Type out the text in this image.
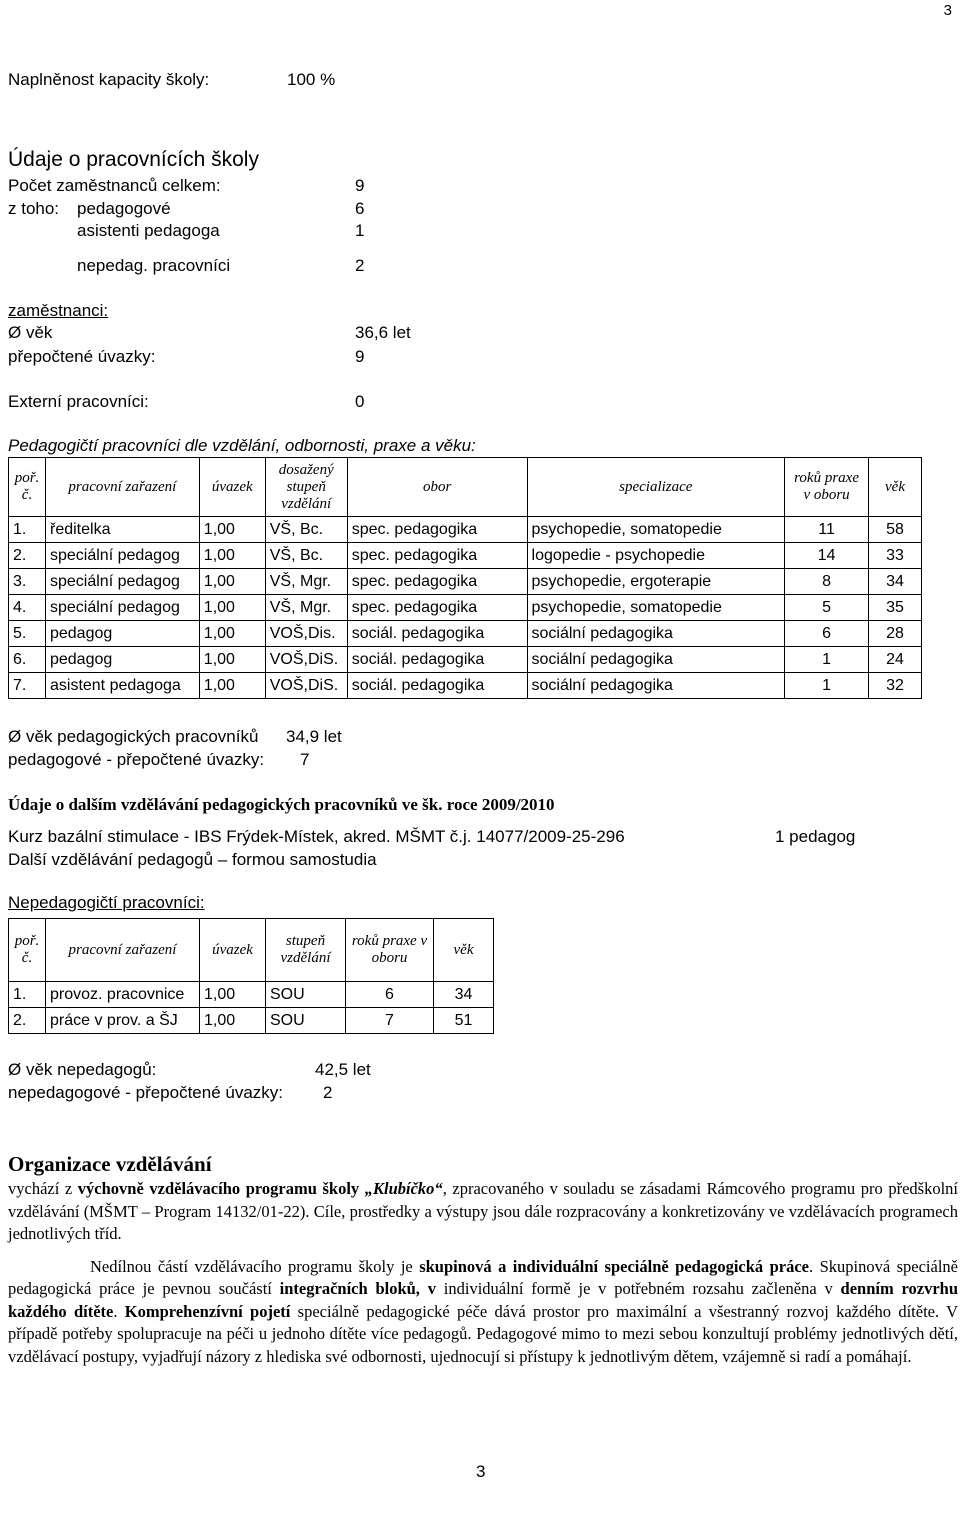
3
Naplněnost kapacity školy:	100 %
Údaje o pracovnících školy
Počet zaměstnanců celkem:	9
z toho: pedagogové	6
asistenti pedagoga	1
nepedag. pracovníci	2
zaměstnanci:
Ø věk	36,6 let
přepočtené úvazky:	9
Externí pracovníci:	0
Pedagogičtí pracovníci dle vzdělání, odbornosti, praxe a věku:
poř. č.	pracovní zařazení	úvazek	dosažený stupeň vzdělání	obor	specializace	roků praxe v oboru	věk
1.	ředitelka	1,00	VŠ, Bc.	spec. pedagogika	psychopedie, somatopedie	11	58
2.	speciální pedagog	1,00	VŠ, Bc.	spec. pedagogika	logopedie - psychopedie	14	33
3.	speciální pedagog	1,00	VŠ, Mgr.	spec. pedagogika	psychopedie, ergoterapie	8	34
4.	speciální pedagog	1,00	VŠ, Mgr.	spec. pedagogika	psychopedie, somatopedie	5	35
5.	pedagog	1,00	VOŠ,Dis.	sociál. pedagogika	sociální pedagogika	6	28
6.	pedagog	1,00	VOŠ,DiS.	sociál. pedagogika	sociální pedagogika	1	24
7.	asistent pedagoga	1,00	VOŠ,DiS.	sociál. pedagogika	sociální pedagogika	1	32
Ø věk pedagogických pracovníků 34,9 let
pedagogové - přepočtené úvazky: 7
Údaje o dalším vzdělávání pedagogických pracovníků ve šk. roce 2009/2010
Kurz bazální stimulace - IBS Frýdek-Místek, akred. MŠMT č.j. 14077/2009-25-296	1 pedagog
Další vzdělávání pedagogů – formou samostudia
Nepedagogičtí pracovníci:
poř. č.	pracovní zařazení	úvazek	stupeň vzdělání	roků praxe v oboru	věk
1.	provoz. pracovnice	1,00	SOU	6	34
2.	práce v prov. a ŠJ	1,00	SOU	7	51
Ø věk nepedagogů:	42,5 let
nepedagogové - přepočtené úvazky: 2
Organizace vzdělávání

vychází z výchovně vzdělávacího programu školy „Klubíčko“, zpracovaného v souladu se zásadami Rámcového programu pro předškolní vzdělávání (MŠMT – Program 14132/01-22). Cíle, prostředky a výstupy jsou dále rozpracovány a konkretizovány ve vzdělávacích programech jednotlivých tříd.

Nedílnou částí vzdělávacího programu školy je skupinová a individuální speciálně pedagogická práce. Skupinová speciálně pedagogická práce je pevnou součástí integračních bloků, v individuální formě je v potřebném rozsahu začleněna v denním rozvrhu každého dítěte. Komprehenzívní pojetí speciálně pedagogické péče dává prostor pro maximální a všestranný rozvoj každého dítěte. V případě potřeby spolupracuje na péči u jednoho dítěte více pedagogů. Pedagogové mimo to mezi sebou konzultují problémy jednotlivých dětí, vzdělávací postupy, vyjadřují názory z hlediska své odbornosti, ujednocují si přístupy k jednotlivým dětem, vzájemně si radí a pomáhají.

3
